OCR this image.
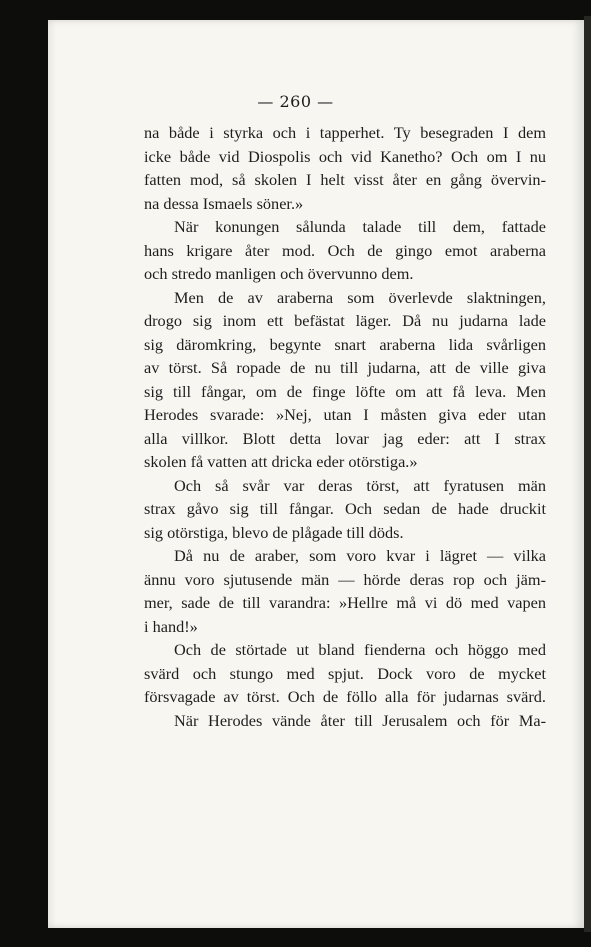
— 260 —
na både i styrka och i tapperhet. Ty besegraden I dem
icke både vid Diospolis och vid Kanetho? Och om I nu
fatten mod, så skolen I helt visst åter en gång övervin-
na dessa Ismaels söner.»
När konungen sålunda talade till dem, fattade
hans krigare åter mod. Och de gingo emot araberna
och stredo manligen och övervunno dem.
Men de av araberna som överlevde slaktningen,
drogo sig inom ett befästat läger. Då nu judarna lade
sig däromkring, begynte snart araberna lida svårligen
av törst. Så ropade de nu till judarna, att de ville giva
sig till fångar, om de finge löfte om att få leva. Men
Herodes svarade: »Nej, utan I måsten giva eder utan
alla villkor. Blott detta lovar jag eder: att I strax
skolen få vatten att dricka eder otörstiga.»
Och så svår var deras törst, att fyratusen män
strax gåvo sig till fångar. Och sedan de hade druckit
sig otörstiga, blevo de plågade till döds.
Då nu de araber, som voro kvar i lägret — vilka
ännu voro sjutusende män — hörde deras rop och jäm-
mer, sade de till varandra: »Hellre må vi dö med vapen
i hand!»
Och de störtade ut bland fienderna och höggo med
svärd och stungo med spjut. Dock voro de mycket
försvagade av törst. Och de föllo alla för judarnas svärd.
När Herodes vände åter till Jerusalem och för Ma-
